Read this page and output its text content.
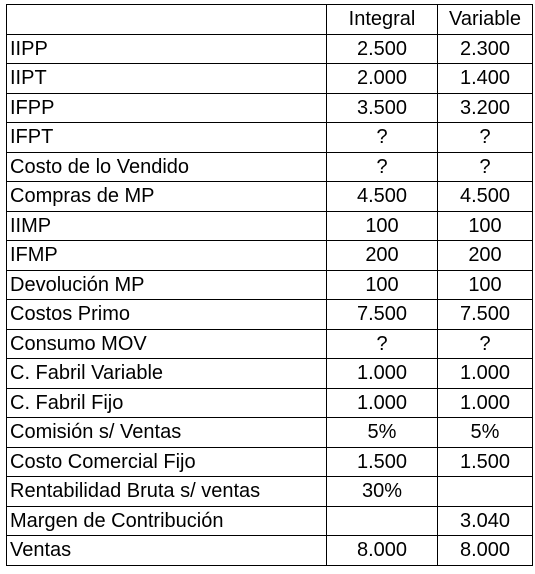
	Integral	Variable
IIPP	2.500	2.300
IIPT	2.000	1.400
IFPP	3.500	3.200
IFPT	?	?
Costo de lo Vendido	?	?
Compras de MP	4.500	4.500
IIMP	100	100
IFMP	200	200
Devolución MP	100	100
Costos Primo	7.500	7.500
Consumo MOV	?	?
C. Fabril Variable	1.000	1.000
C. Fabril Fijo	1.000	1.000
Comisión s/ Ventas	5%	5%
Costo Comercial Fijo	1.500	1.500
Rentabilidad Bruta s/ ventas	30%	
Margen de Contribución		3.040
Ventas	8.000	8.000
